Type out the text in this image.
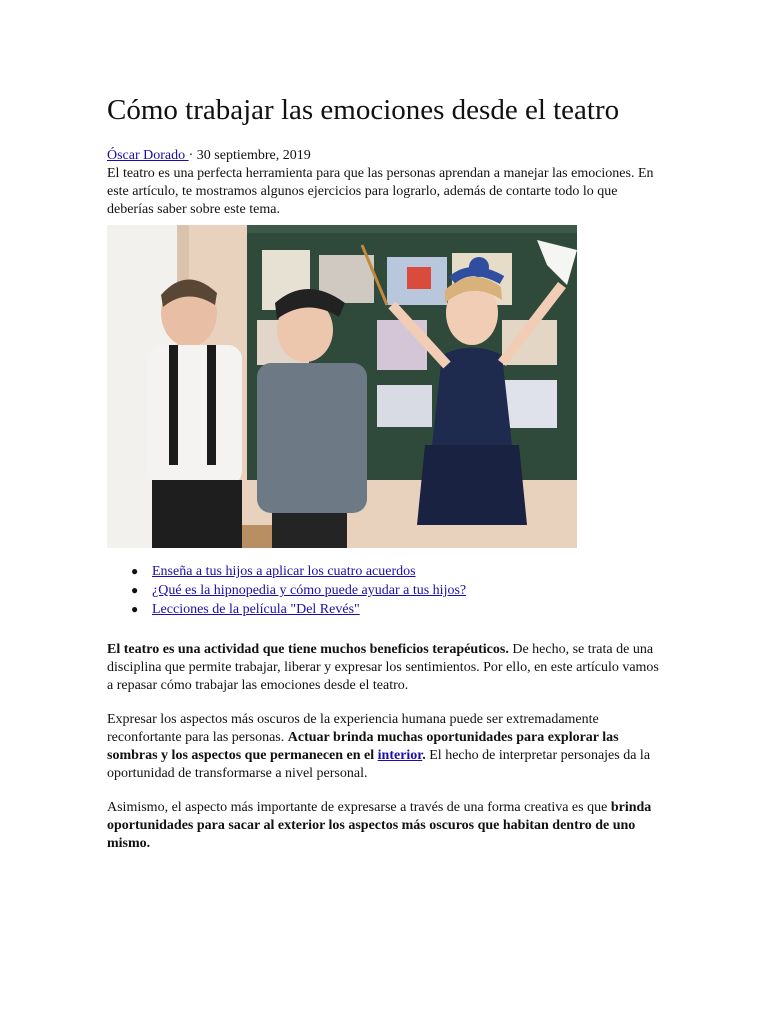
Cómo trabajar las emociones desde el teatro

Óscar Dorado · 30 septiembre, 2019

El teatro es una perfecta herramienta para que las personas aprendan a manejar las emociones. En este artículo, te mostramos algunos ejercicios para lograrlo, además de contarte todo lo que deberías saber sobre este tema.

● Enseña a tus hijos a aplicar los cuatro acuerdos
● ¿Qué es la hipnopedia y cómo puede ayudar a tus hijos?
● Lecciones de la película "Del Revés"

El teatro es una actividad que tiene muchos beneficios terapéuticos. De hecho, se trata de una disciplina que permite trabajar, liberar y expresar los sentimientos. Por ello, en este artículo vamos a repasar cómo trabajar las emociones desde el teatro.

Expresar los aspectos más oscuros de la experiencia humana puede ser extremadamente reconfortante para las personas. Actuar brinda muchas oportunidades para explorar las sombras y los aspectos que permanecen en el interior. El hecho de interpretar personajes da la oportunidad de transformarse a nivel personal.

Asimismo, el aspecto más importante de expresarse a través de una forma creativa es que brinda oportunidades para sacar al exterior los aspectos más oscuros que habitan dentro de uno mismo.
